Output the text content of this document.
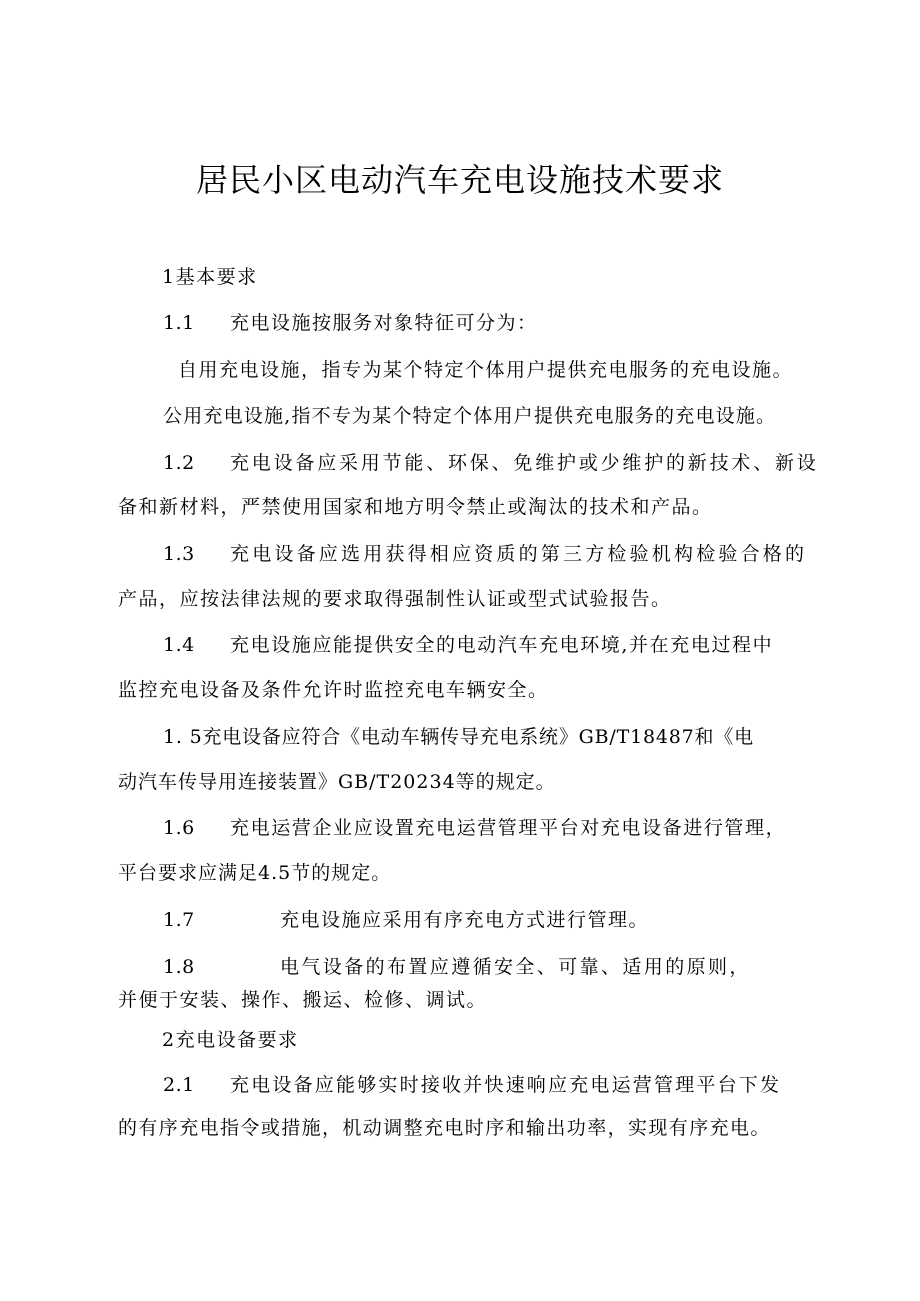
居民小区电动汽车充电设施技术要求
1基本要求
1.1 充电设施按服务对象特征可分为：
自用充电设施，指专为某个特定个体用户提供充电服务的充电设施。
公用充电设施,指不专为某个特定个体用户提供充电服务的充电设施。
1.2 充电设备应采用节能、环保、免维护或少维护的新技术、新设
备和新材料，严禁使用国家和地方明令禁止或淘汰的技术和产品。
1.3 充电设备应选用获得相应资质的第三方检验机构检验合格的
产品，应按法律法规的要求取得强制性认证或型式试验报告。
1.4 充电设施应能提供安全的电动汽车充电环境,并在充电过程中
监控充电设备及条件允许时监控充电车辆安全。
1. 5充电设备应符合《电动车辆传导充电系统》GB/T18487和《电
动汽车传导用连接装置》GB/T20234等的规定。
1.6 充电运营企业应设置充电运营管理平台对充电设备进行管理，
平台要求应满足4.5节的规定。
1.7	充电设施应采用有序充电方式进行管理。
1.8	电气设备的布置应遵循安全、可靠、适用的原则，
并便于安装、操作、搬运、检修、调试。
2充电设备要求
2.1 充电设备应能够实时接收并快速响应充电运营管理平台下发
的有序充电指令或措施，机动调整充电时序和输出功率，实现有序充电。
